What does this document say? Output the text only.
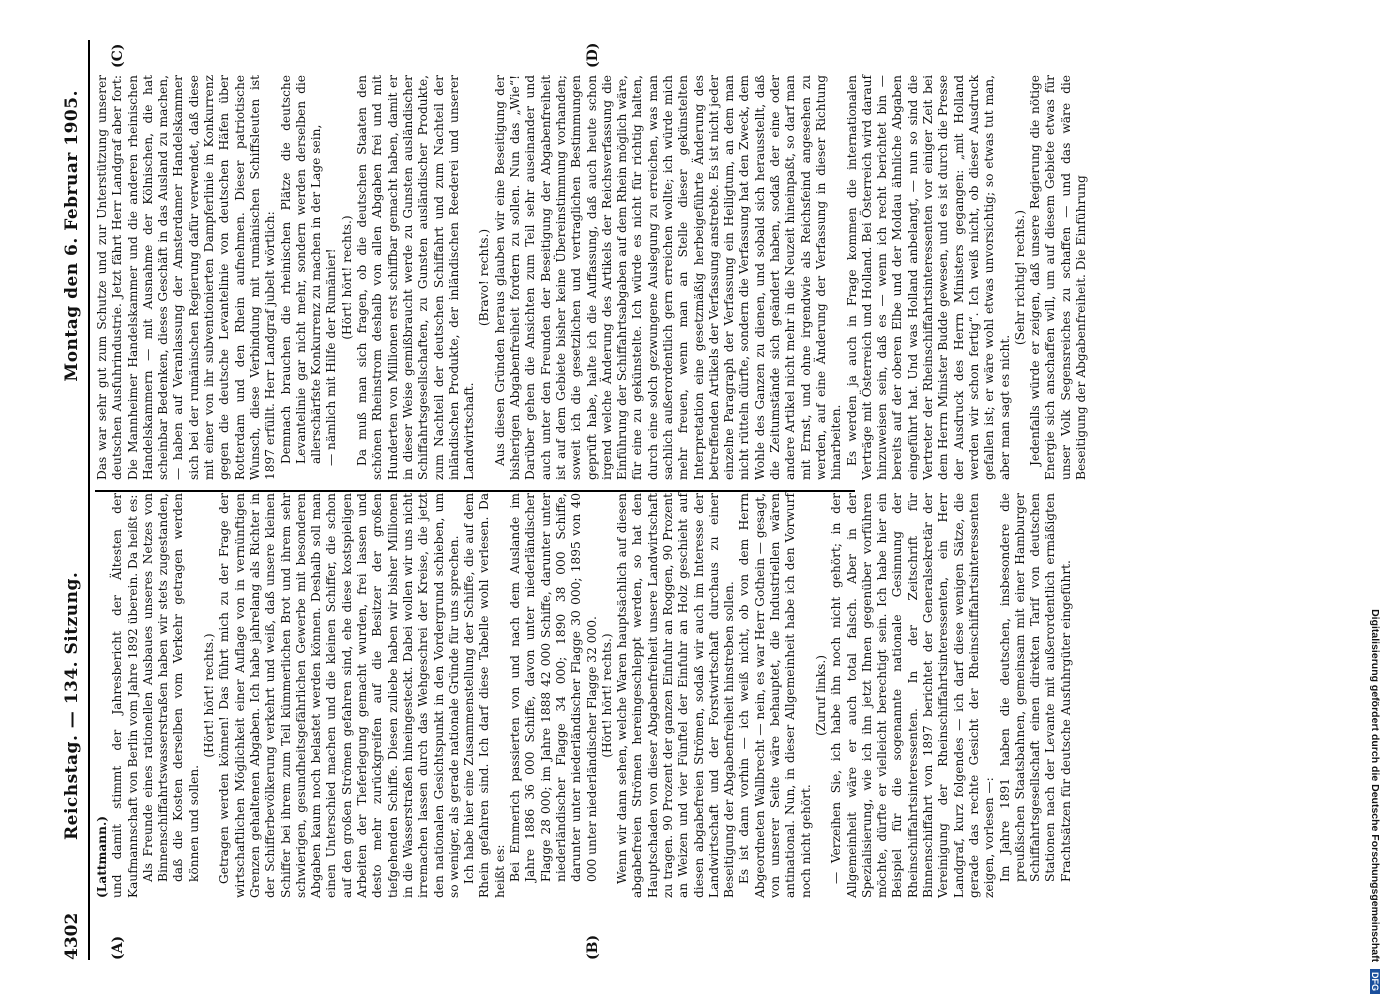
4302
Reichstag. — 134. Sitzung.
Montag den 6. Februar 1905.
(A)	(B)
(C)	(D)

(Lattmann.) und damit stimmt der Jahresbericht der Ältesten der Kaufmannschaft von Berlin vom Jahre 1892 überein. Da heißt es: Als Freunde eines rationellen Ausbaues unseres Netzes von Binnenschiffahrtswasserstraßen haben wir stets zugestanden, daß die Kosten derselben vom Verkehr getragen werden können und sollen.

(Hört! hört! rechts.) Getragen werden können! Das führt mich zu der Frage der wirtschaftlichen Möglichkeit einer Auflage von in vernünftigen Grenzen gehaltenen Abgaben. Ich habe jahrelang als Richter in der Schifferbevölkerung verkehrt und weiß, daß unsere kleinen Schiffer bei ihrem zum Teil kümmerlichen Brot und ihrem sehr schwierigen, gesundheitsgefährlichen Gewerbe mit besonderen Abgaben kaum noch belastet werden können. Deshalb soll man einen Unterschied machen und die kleinen Schiffer, die schon auf den großen Strömen gefahren sind, ehe diese kostspieligen Arbeiten der Tieferlegung gemacht wurden, frei lassen und desto mehr zurückgreifen auf die Besitzer der großen tiefgehenden Schiffe. Diesen zuliebe haben wir bisher Millionen in die Wasserstraßen hineingesteckt. Dabei wollen wir uns nicht irremachen lassen durch das Wehgeschrei der Kreise, die jetzt den nationalen Gesichtspunkt in den Vordergrund schieben, um so weniger, als gerade nationale Gründe für uns sprechen. Ich habe hier eine Zusammenstellung der Schiffe, die auf dem Rhein gefahren sind. Ich darf diese Tabelle wohl verlesen. Da heißt es: Bei Emmerich passierten von und nach dem Auslande im Jahre 1886 36 000 Schiffe, davon unter niederländischer Flagge 28 000; im Jahre 1888 42 000 Schiffe, darunter unter niederländischer Flagge 34 000; 1890 38 000 Schiffe, darunter unter niederländischer Flagge 30 000; 1895 von 40 000 unter niederländischer Flagge 32 000. (Hört! hört! rechts.) Wenn wir dann sehen, welche Waren hauptsächlich auf diesen abgabefreien Strömen hereingeschleppt werden, so hat den Hauptschaden von dieser Abgabenfreiheit unsere Landwirtschaft zu tragen. 90 Prozent der ganzen Einfuhr an Roggen, 90 Prozent an Weizen und vier Fünftel der Einfuhr an Holz geschieht auf diesen abgabefreien Strömen, sodaß wir auch im Interesse der Landwirtschaft und der Forstwirtschaft durchaus zu einer Beseitigung der Abgabenfreiheit hinstreben sollen. Es ist dann vorhin — ich weiß nicht, ob von dem Herrn Abgeordneten Wallbrecht — nein, es war Herr Gothein — gesagt, von unserer Seite wäre behauptet, die Industriellen wären antinational. Nun, in dieser Allgemeinheit habe ich den Vorwurf noch nicht gehört.

(Zuruf links.) — Verzeihen Sie, ich habe ihn noch nicht gehört; in der Allgemeinheit wäre er auch total falsch. Aber in der Spezialisierung, wie ich ihn jetzt Ihnen gegenüber vorführen möchte, dürfte er vielleicht berechtigt sein. Ich habe hier ein Beispiel für die sogenannte nationale Gesinnung der Rheinschiffahrtsinteressenten. In der Zeitschrift für Binnenschiffahrt von 1897 berichtet der Generalsekretär der Vereinigung der Rheinschiffahrtsinteressenten, ein Herr Landgraf, kurz folgendes — ich darf diese wenigen Sätze, die gerade das rechte Gesicht der Rheinschiffahrtsinteressenten zeigen, vorlesen —: Im Jahre 1891 haben die deutschen, insbesondere die preußischen Staatsbahnen, gemeinsam mit einer Hamburger Schiffahrtsgesellschaft einen direkten Tarif von deutschen Stationen nach der Levante mit außerordentlich ermäßigten Frachtsätzen für deutsche Ausfuhrgüter eingeführt.

Das war sehr gut zum Schutze und zur Unterstützung unserer deutschen Ausfuhrindustrie. Jetzt fährt Herr Landgraf aber fort: Die Mannheimer Handelskammer und die anderen rheinischen Handelskammern — mit Ausnahme der Kölnischen, die hat scheinbar Bedenken, dieses Geschäft in das Ausland zu machen, — haben auf Veranlassung der Amsterdamer Handelskammer sich bei der rumänischen Regierung dafür verwendet, daß diese mit einer von ihr subventionierten Dampferlinie in Konkurrenz gegen die deutsche Levantelinie von deutschen Häfen über Rotterdam und den Rhein aufnehmen. Dieser patriotische Wunsch, diese Verbindung mit rumänischen Schiffsleuten ist 1897 erfüllt. Herr Landgraf jubelt wörtlich: Demnach brauchen die rheinischen Plätze die deutsche Levantelinie gar nicht mehr, sondern werden derselben die allerschärfste Konkurrenz zu machen in der Lage sein, — nämlich mit Hilfe der Rumänier! (Hört! hört! rechts.) Da muß man sich fragen, ob die deutschen Staaten den schönen Rheinstrom deshalb von allen Abgaben frei und mit Hunderten von Millionen erst schiffbar gemacht haben, damit er in dieser Weise gemißbraucht werde zu Gunsten ausländischer Schiffahrtsgesellschaften, zu Gunsten ausländischer Produkte, zum Nachteil der deutschen Schiffahrt und zum Nachteil der inländischen Produkte, der inländischen Reederei und unserer Landwirtschaft.

(Bravo! rechts.) Aus diesen Gründen heraus glauben wir eine Beseitigung der bisherigen Abgabenfreiheit fordern zu sollen. Nun das „Wie“! Darüber gehen die Ansichten zum Teil sehr auseinander und auch unter den Freunden der Beseitigung der Abgabenfreiheit ist auf dem Gebiete bisher keine Übereinstimmung vorhanden; soweit ich die gesetzlichen und vertraglichen Bestimmungen geprüft habe, halte ich die Auffassung, daß auch heute schon irgend welche Änderung des Artikels der Reichsverfassung die Einführung der Schiffahrtsabgaben auf dem Rhein möglich wäre, für eine zu gekünstelte. Ich würde es nicht für richtig halten, durch eine solch gezwungene Auslegung zu erreichen, was man sachlich außerordentlich gern erreichen wollte; ich würde mich mehr freuen, wenn man an Stelle dieser gekünstelten Interpretation eine gesetzmäßig herbeigeführte Änderung des betreffenden Artikels der Verfassung anstrebte. Es ist nicht jeder einzelne Paragraph der Verfassung ein Heiligtum, an dem man nicht rütteln dürfte, sondern die Verfassung hat den Zweck, dem Wohle des Ganzen zu dienen, und sobald sich herausstellt, daß die Zeitumstände sich geändert haben, sodaß der eine oder andere Artikel nicht mehr in die Neuzeit hineinpaßt, so darf man mit Ernst, und ohne irgendwie als Reichsfeind angesehen zu werden, auf eine Änderung der Verfassung in dieser Richtung hinarbeiten. Es werden ja auch in Frage kommen die internationalen Verträge mit Österreich und Holland. Bei Österreich wird darauf hinzuweisen sein, daß es — wenn ich recht berichtet bin — bereits auf der oberen Elbe und der Moldau ähnliche Abgaben eingeführt hat. Und was Holland anbelangt, — nun so sind die Vertreter der Rheinschiffahrtsinteressenten vor einiger Zeit bei dem Herrn Minister Budde gewesen, und es ist durch die Presse der Ausdruck des Herrn Ministers gegangen: „mit Holland werden wir schon fertig“. Ich weiß nicht, ob dieser Ausdruck gefallen ist; er wäre wohl etwas unvorsichtig; so etwas tut man, aber man sagt es nicht.

(Sehr richtig! rechts.) Jedenfalls würde er zeigen, daß unsere Regierung die nötige Energie sich anschaffen will, um auf diesem Gebiete etwas für unser Volk Segensreiches zu schaffen — und das wäre die Beseitigung der Abgabenfreiheit. Die Einführung

Digitalisierung gefördert durch die Deutsche Forschungsgemeinschaft DFG
